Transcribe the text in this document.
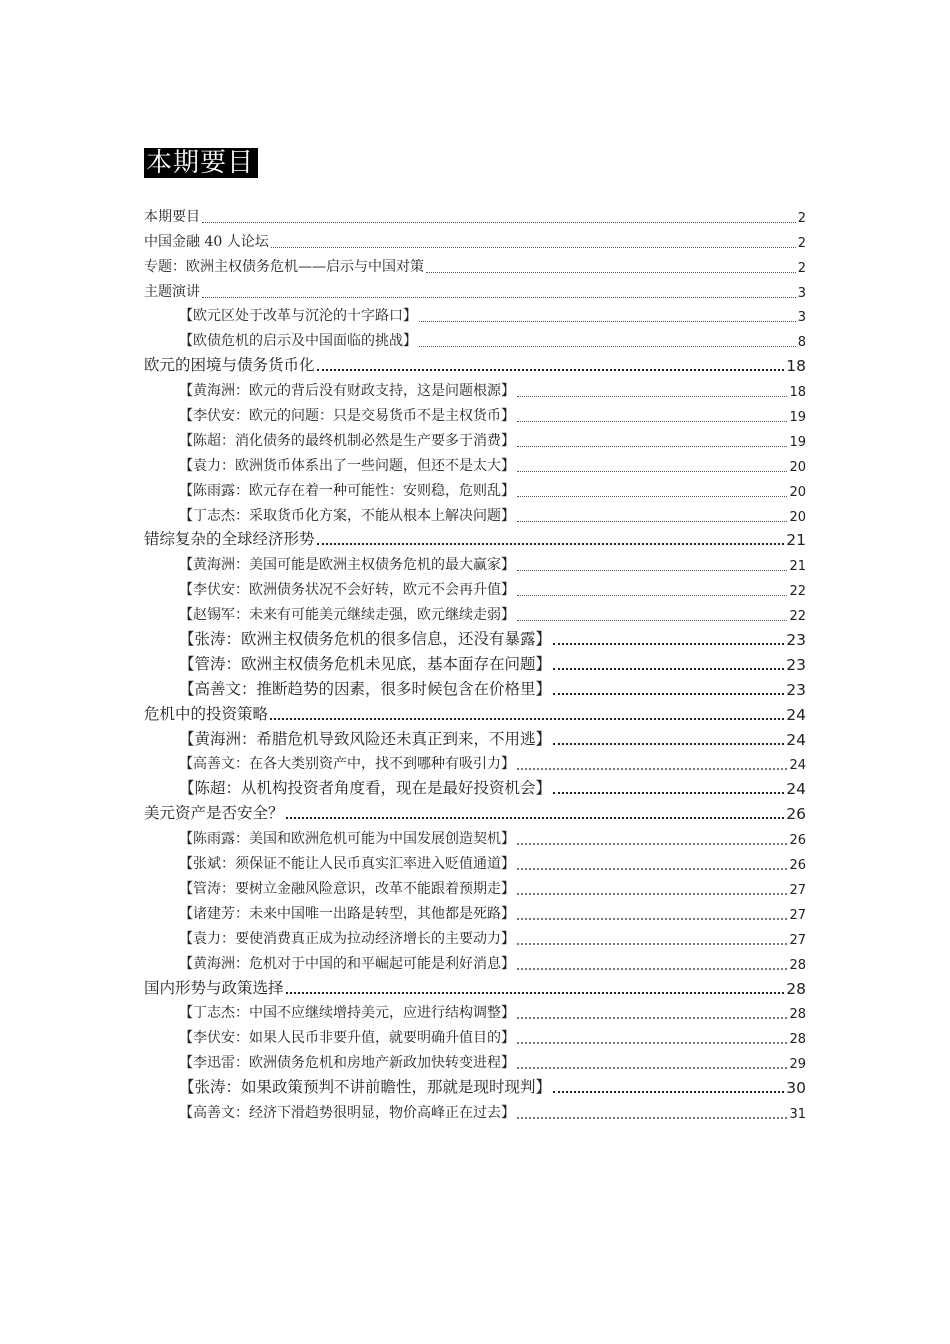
本期要目
本期要目	2
中国金融 40 人论坛	2
专题：欧洲主权债务危机——启示与中国对策	2
主题演讲	3
【欧元区处于改革与沉沦的十字路口】	3
【欧债危机的启示及中国面临的挑战】	8
欧元的困境与债务货币化	18
【黄海洲：欧元的背后没有财政支持，这是问题根源】	18
【李伏安：欧元的问题：只是交易货币不是主权货币】	19
【陈超：消化债务的最终机制必然是生产要多于消费】	19
【袁力：欧洲货币体系出了一些问题，但还不是太大】	20
【陈雨露：欧元存在着一种可能性：安则稳，危则乱】	20
【丁志杰：采取货币化方案，不能从根本上解决问题】	20
错综复杂的全球经济形势	21
【黄海洲：美国可能是欧洲主权债务危机的最大赢家】	21
【李伏安：欧洲债务状况不会好转，欧元不会再升值】	22
【赵锡军：未来有可能美元继续走强，欧元继续走弱】	22
【张涛：欧洲主权债务危机的很多信息，还没有暴露】	23
【管涛：欧洲主权债务危机未见底，基本面存在问题】	23
【高善文：推断趋势的因素，很多时候包含在价格里】	23
危机中的投资策略	24
【黄海洲：希腊危机导致风险还未真正到来，不用逃】	24
【高善文：在各大类别资产中，找不到哪种有吸引力】	24
【陈超：从机构投资者角度看，现在是最好投资机会】	24
美元资产是否安全？	26
【陈雨露：美国和欧洲危机可能为中国发展创造契机】	26
【张斌：须保证不能让人民币真实汇率进入贬值通道】	26
【管涛：要树立金融风险意识，改革不能跟着预期走】	27
【诸建芳：未来中国唯一出路是转型，其他都是死路】	27
【袁力：要使消费真正成为拉动经济增长的主要动力】	27
【黄海洲：危机对于中国的和平崛起可能是利好消息】	28
国内形势与政策选择	28
【丁志杰：中国不应继续增持美元，应进行结构调整】	28
【李伏安：如果人民币非要升值，就要明确升值目的】	28
【李迅雷：欧洲债务危机和房地产新政加快转变进程】	29
【张涛：如果政策预判不讲前瞻性，那就是现时现判】	30
【高善文：经济下滑趋势很明显，物价高峰正在过去】	31
